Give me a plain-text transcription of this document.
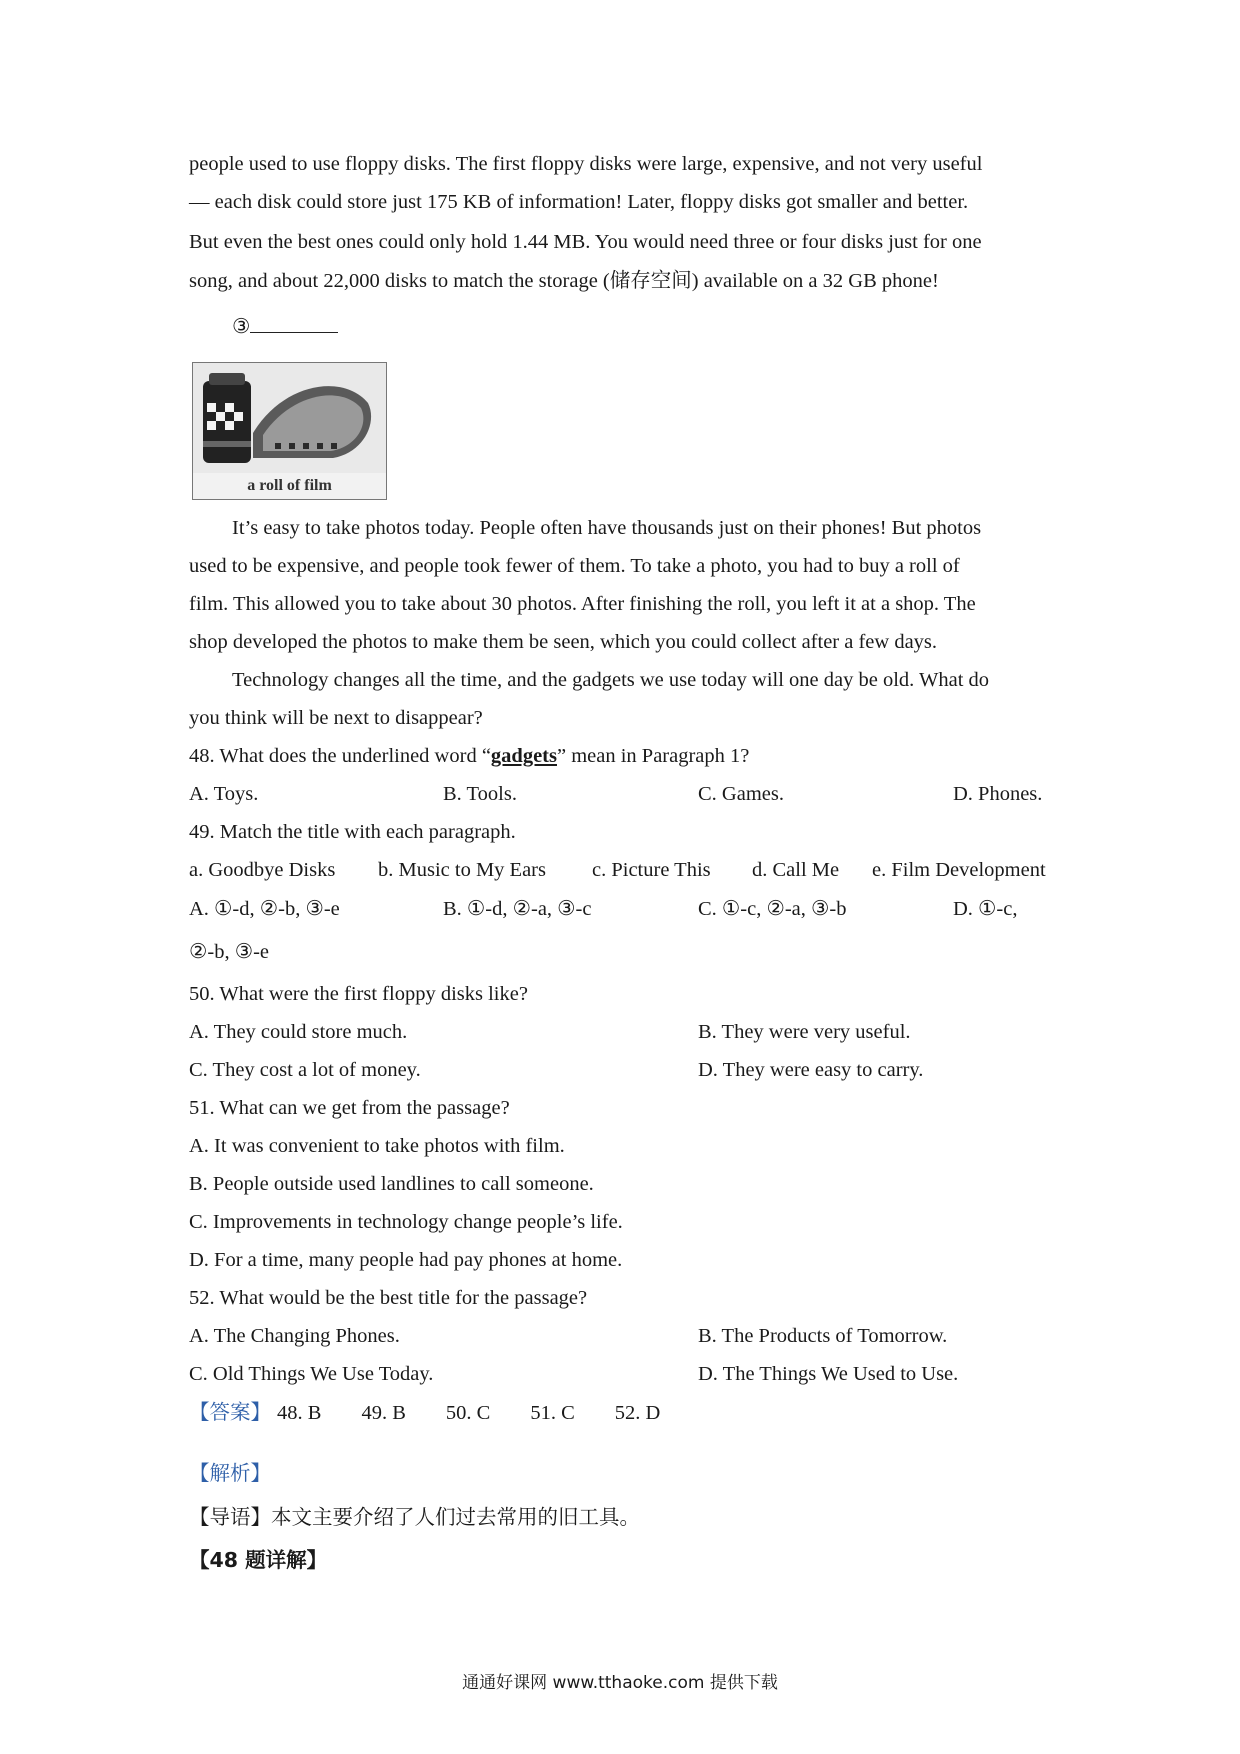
people used to use floppy disks. The first floppy disks were large, expensive, and not very useful
— each disk could store just 175 KB of information! Later, floppy disks got smaller and better.
But even the best ones could only hold 1.44 MB. You would need three or four disks just for one
song, and about 22,000 disks to match the storage (储存空间) available on a 32 GB phone!
③
a roll of film
It’s easy to take photos today. People often have thousands just on their phones! But photos
used to be expensive, and people took fewer of them. To take a photo, you had to buy a roll of
film. This allowed you to take about 30 photos. After finishing the roll, you left it at a shop. The
shop developed the photos to make them be seen, which you could collect after a few days.
Technology changes all the time, and the gadgets we use today will one day be old. What do
you think will be next to disappear?
48. What does the underlined word “gadgets” mean in Paragraph 1?
A. Toys.	B. Tools.	C. Games.	D. Phones.
49. Match the title with each paragraph.
a. Goodbye Disks b. Music to My Ears c. Picture This d. Call Me e. Film Development
A. ①-d, ②-b, ③-e	B. ①-d, ②-a, ③-c	C. ①-c, ②-a, ③-b	D. ①-c,
②-b, ③-e
50. What were the first floppy disks like?
A. They could store much.	B. They were very useful.
C. They cost a lot of money.	D. They were easy to carry.
51. What can we get from the passage?
A. It was convenient to take photos with film.
B. People outside used landlines to call someone.
C. Improvements in technology change people’s life.
D. For a time, many people had pay phones at home.
52. What would be the best title for the passage?
A. The Changing Phones.	B. The Products of Tomorrow.
C. Old Things We Use Today.	D. The Things We Used to Use.
【答案】 48. B 49. B 50. C 51. C 52. D
【解析】
【导语】本文主要介绍了人们过去常用的旧工具。
【48 题详解】
通通好课网 www.tthaoke.com 提供下载
